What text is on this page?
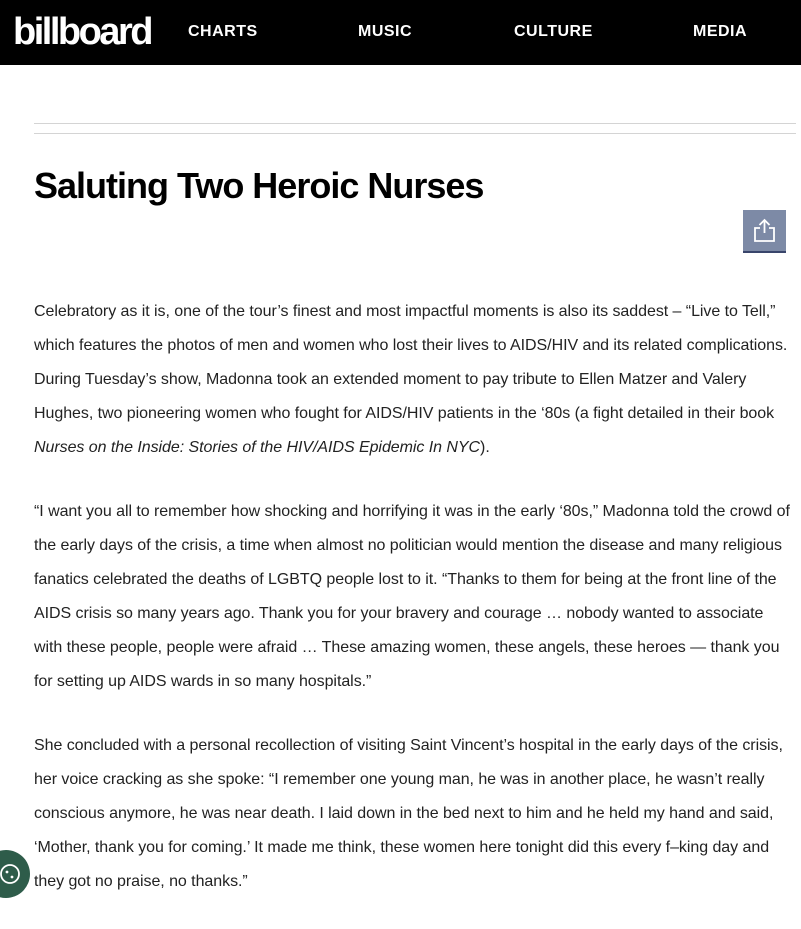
billboard CHARTS	MUSIC	CULTURE	MEDIA
Saluting Two Heroic Nurses

Celebratory as it is, one of the tour’s finest and most impactful moments is also its saddest – “Live to Tell,” which features the photos of men and women who lost their lives to AIDS/HIV and its related complications. During Tuesday’s show, Madonna took an extended moment to pay tribute to Ellen Matzer and Valery Hughes, two pioneering women who fought for AIDS/HIV patients in the ‘80s (a fight detailed in their book Nurses on the Inside: Stories of the HIV/AIDS Epidemic In NYC).

“I want you all to remember how shocking and horrifying it was in the early ‘80s,” Madonna told the crowd of the early days of the crisis, a time when almost no politician would mention the disease and many religious fanatics celebrated the deaths of LGBTQ people lost to it. “Thanks to them for being at the front line of the AIDS crisis so many years ago. Thank you for your bravery and courage … nobody wanted to associate with these people, people were afraid … These amazing women, these angels, these heroes — thank you for setting up AIDS wards in so many hospitals.”

She concluded with a personal recollection of visiting Saint Vincent’s hospital in the early days of the crisis, her voice cracking as she spoke: “I remember one young man, he was in another place, he wasn’t really conscious anymore, he was near death. I laid down in the bed next to him and he held my hand and said, ‘Mother, thank you for coming.’ It made me think, these women here tonight did this every f–king day and they got no praise, no thanks.”
